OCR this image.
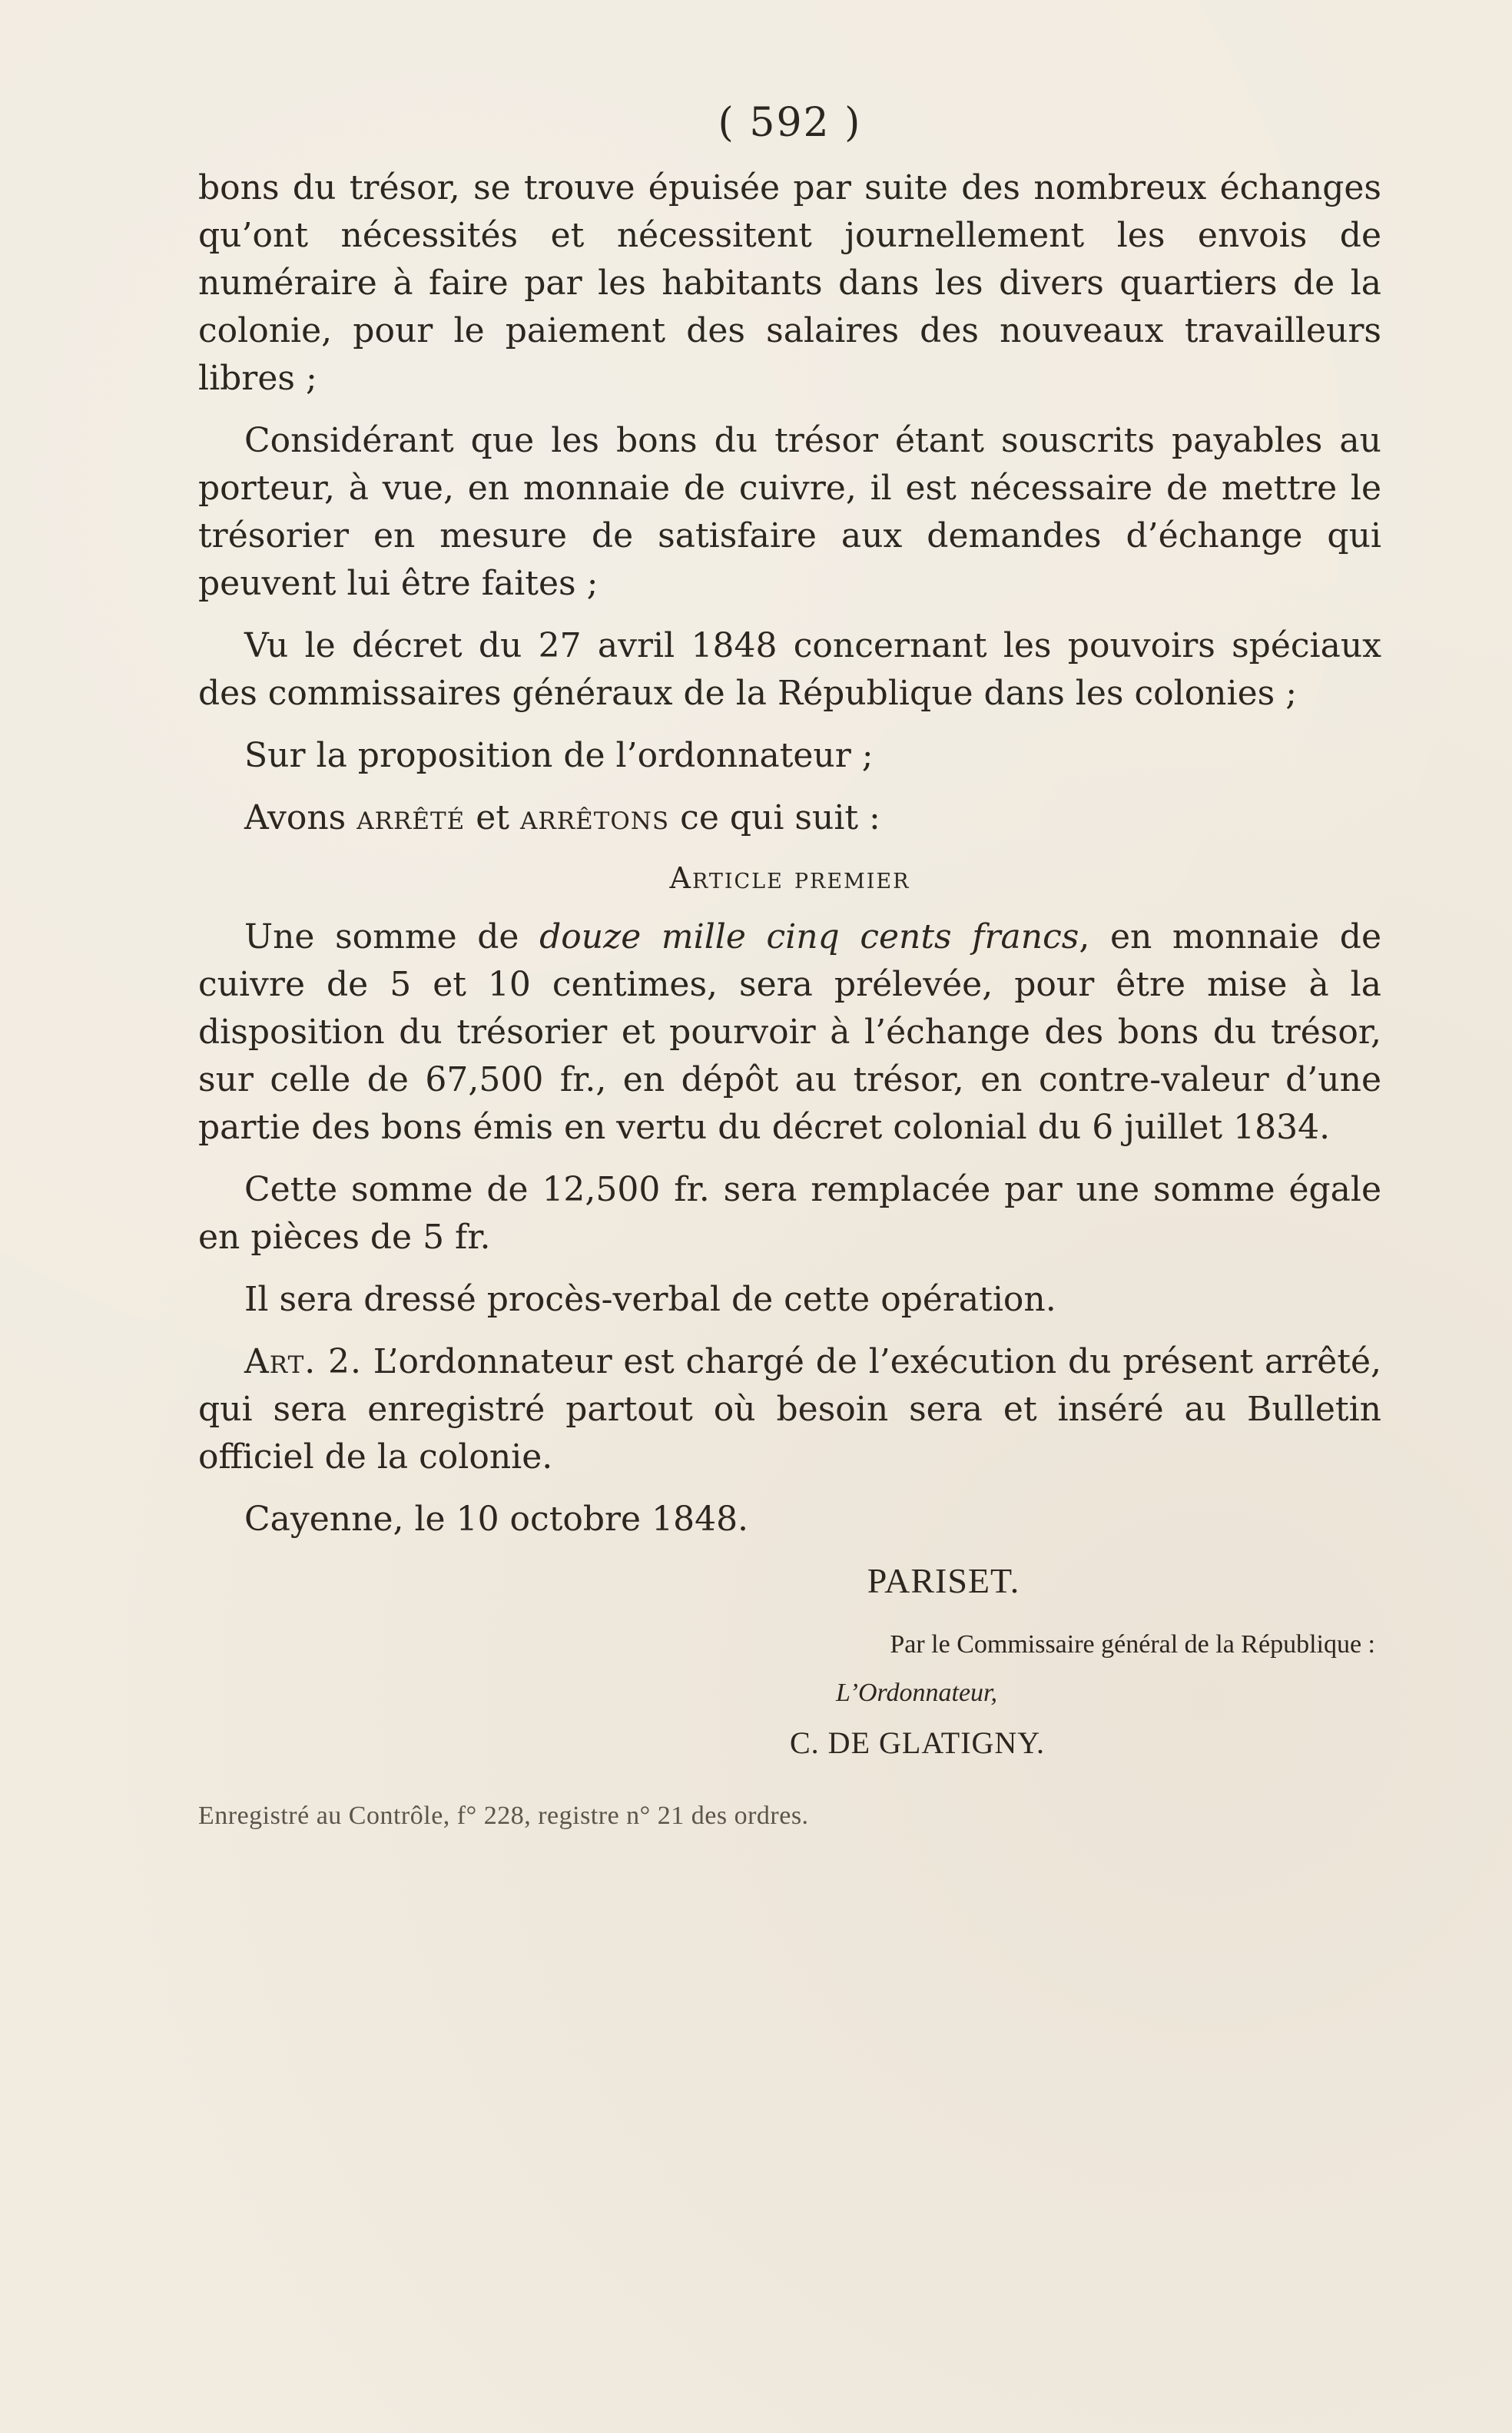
( 592 )

bons du trésor, se trouve épuisée par suite des nombreux échanges qu’ont nécessités et nécessitent journellement les envois de numéraire à faire par les habitants dans les divers quartiers de la colonie, pour le paiement des salaires des nouveaux travailleurs libres ;

Considérant que les bons du trésor étant souscrits payables au porteur, à vue, en monnaie de cuivre, il est nécessaire de mettre le trésorier en mesure de satisfaire aux demandes d’échange qui peuvent lui être faites ;

Vu le décret du 27 avril 1848 concernant les pouvoirs spéciaux des commissaires généraux de la République dans les colonies ;

Sur la proposition de l’ordonnateur ;

Avons arrêté et arrêtons ce qui suit :

Article premier

Une somme de douze mille cinq cents francs, en monnaie de cuivre de 5 et 10 centimes, sera prélevée, pour être mise à la disposition du trésorier et pourvoir à l’échange des bons du trésor, sur celle de 67,500 fr., en dépôt au trésor, en contre-valeur d’une partie des bons émis en vertu du décret colonial du 6 juillet 1834.

Cette somme de 12,500 fr. sera remplacée par une somme égale en pièces de 5 fr.

Il sera dressé procès-verbal de cette opération.

Art. 2. L’ordonnateur est chargé de l’exécution du présent arrêté, qui sera enregistré partout où besoin sera et inséré au Bulletin officiel de la colonie.

Cayenne, le 10 octobre 1848.

PARISET.

Par le Commissaire général de la République :

L’Ordonnateur,

C. DE GLATIGNY.

Enregistré au Contrôle, f° 228, registre n° 21 des ordres.
